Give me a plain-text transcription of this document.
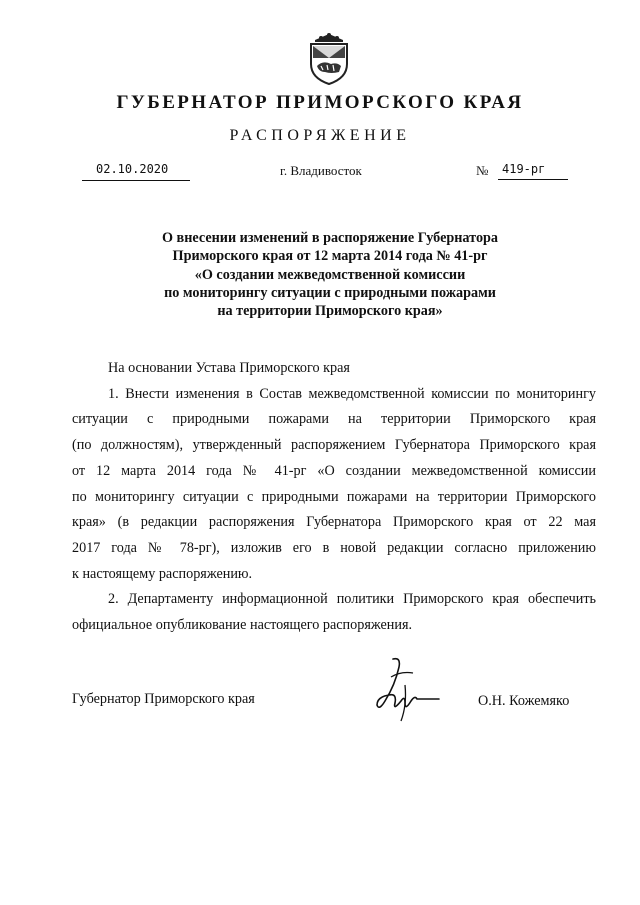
ГУБЕРНАТОР ПРИМОРСКОГО КРАЯ
РАСПОРЯЖЕНИЕ
02.10.2020	г. Владивосток	№ 419-рг
О внесении изменений в распоряжение Губернатора
Приморского края от 12 марта 2014 года № 41-рг
«О создании межведомственной комиссии
по мониторингу ситуации с природными пожарами
на территории Приморского края»
На основании Устава Приморского края
1. Внести изменения в Состав межведомственной комиссии по мониторингу
ситуации с природными пожарами на территории Приморского края
(по должностям), утвержденный распоряжением Губернатора Приморского края
от 12 марта 2014 года № 41-рг «О создании межведомственной комиссии
по мониторингу ситуации с природными пожарами на территории Приморского
края» (в редакции распоряжения Губернатора Приморского края от 22 мая
2017 года № 78-рг), изложив его в новой редакции согласно приложению
к настоящему распоряжению.
2. Департаменту информационной политики Приморского края обеспечить
официальное опубликование настоящего распоряжения.
Губернатор Приморского края	О.Н. Кожемяко
